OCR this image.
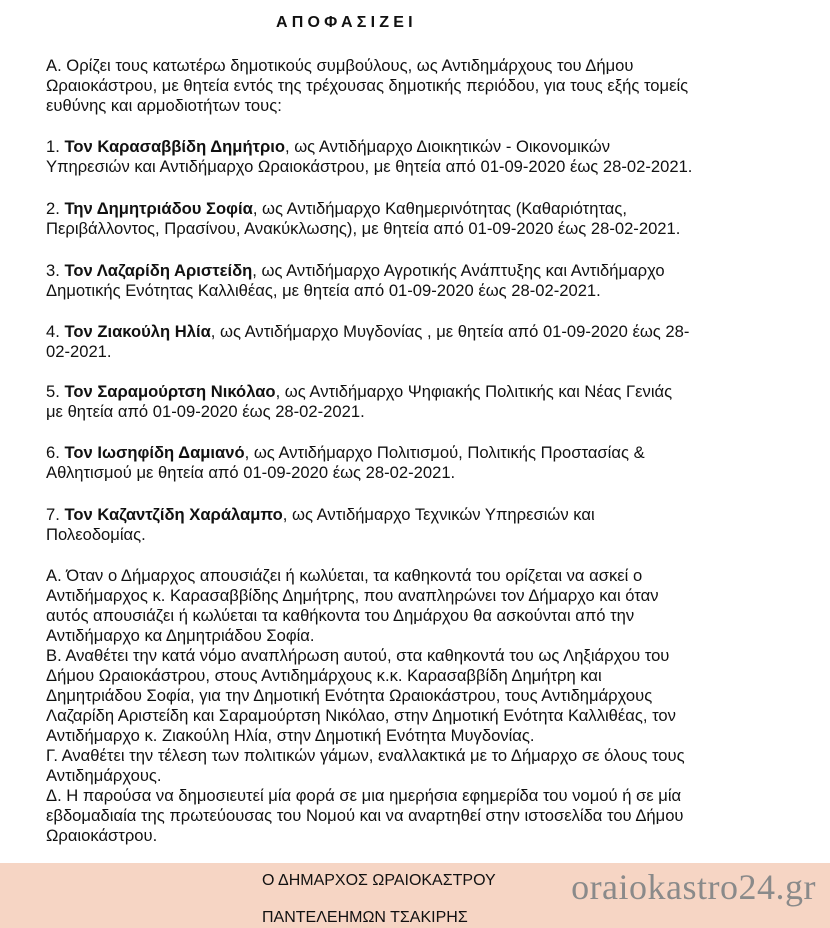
ΑΠΟΦΑΣΙΖΕΙ

Α. Ορίζει τους κατωτέρω δημοτικούς συμβούλους, ως Αντιδημάρχους του Δήμου

Ωραιοκάστρου, με θητεία εντός της τρέχουσας δημοτικής περιόδου, για τους εξής τομείς

ευθύνης και αρμοδιοτήτων τους:

1. Τον Καρασαββίδη Δημήτριο, ως Αντιδήμαρχο Διοικητικών - Οικονομικών

Υπηρεσιών και Αντιδήμαρχο Ωραιοκάστρου, με θητεία από 01-09-2020 έως 28-02-2021.

2. Την Δημητριάδου Σοφία, ως Αντιδήμαρχο Καθημερινότητας (Καθαριότητας,

Περιβάλλοντος, Πρασίνου, Ανακύκλωσης), με θητεία από 01-09-2020 έως 28-02-2021.

3. Τον Λαζαρίδη Αριστείδη, ως Αντιδήμαρχο Αγροτικής Ανάπτυξης και Αντιδήμαρχο

Δημοτικής Ενότητας Καλλιθέας, με θητεία από 01-09-2020 έως 28-02-2021.

4. Τον Ζιακούλη Ηλία, ως Αντιδήμαρχο Μυγδονίας , με θητεία από 01-09-2020 έως 28-

02-2021.

5. Τον Σαραμούρτση Νικόλαο, ως Αντιδήμαρχο Ψηφιακής Πολιτικής και Νέας Γενιάς

με θητεία από 01-09-2020 έως 28-02-2021.

6. Τον Ιωσηφίδη Δαμιανό, ως Αντιδήμαρχο Πολιτισμού, Πολιτικής Προστασίας &

Αθλητισμού με θητεία από 01-09-2020 έως 28-02-2021.

7. Τον Καζαντζίδη Χαράλαμπο, ως Αντιδήμαρχο Τεχνικών Υπηρεσιών και

Πολεοδομίας.

Α. Όταν ο Δήμαρχος απουσιάζει ή κωλύεται, τα καθηκοντά του ορίζεται να ασκεί ο

Αντιδήμαρχος κ. Καρασαββίδης Δημήτρης, που αναπληρώνει τον Δήμαρχο και όταν

αυτός απουσιάζει ή κωλύεται τα καθήκοντα του Δημάρχου θα ασκούνται από την

Αντιδήμαρχο κα Δημητριάδου Σοφία.

Β. Αναθέτει την κατά νόμο αναπλήρωση αυτού, στα καθηκοντά του ως Ληξιάρχου του

Δήμου Ωραιοκάστρου, στους Αντιδημάρχους κ.κ. Καρασαββίδη Δημήτρη και

Δημητριάδου Σοφία, για την Δημοτική Ενότητα Ωραιοκάστρου, τους Αντιδημάρχους

Λαζαρίδη Αριστείδη και Σαραμούρτση Νικόλαο, στην Δημοτική Ενότητα Καλλιθέας, τον

Αντιδήμαρχο κ. Ζιακούλη Ηλία, στην Δημοτική Ενότητα Μυγδονίας.

Γ. Αναθέτει την τέλεση των πολιτικών γάμων, εναλλακτικά με το Δήμαρχο σε όλους τους

Αντιδημάρχους.

Δ. Η παρούσα να δημοσιευτεί μία φορά σε μια ημερήσια εφημερίδα του νομού ή σε μία

εβδομαδιαία της πρωτεύουσας του Νομού και να αναρτηθεί στην ιστοσελίδα του Δήμου

Ωραιοκάστρου.

Ο ΔΗΜΑΡΧΟΣ ΩΡΑΙΟΚΑΣΤΡΟΥ
ΠΑΝΤΕΛΕΗΜΩΝ ΤΣΑΚΙΡΗΣ
oraiokastro24.gr
